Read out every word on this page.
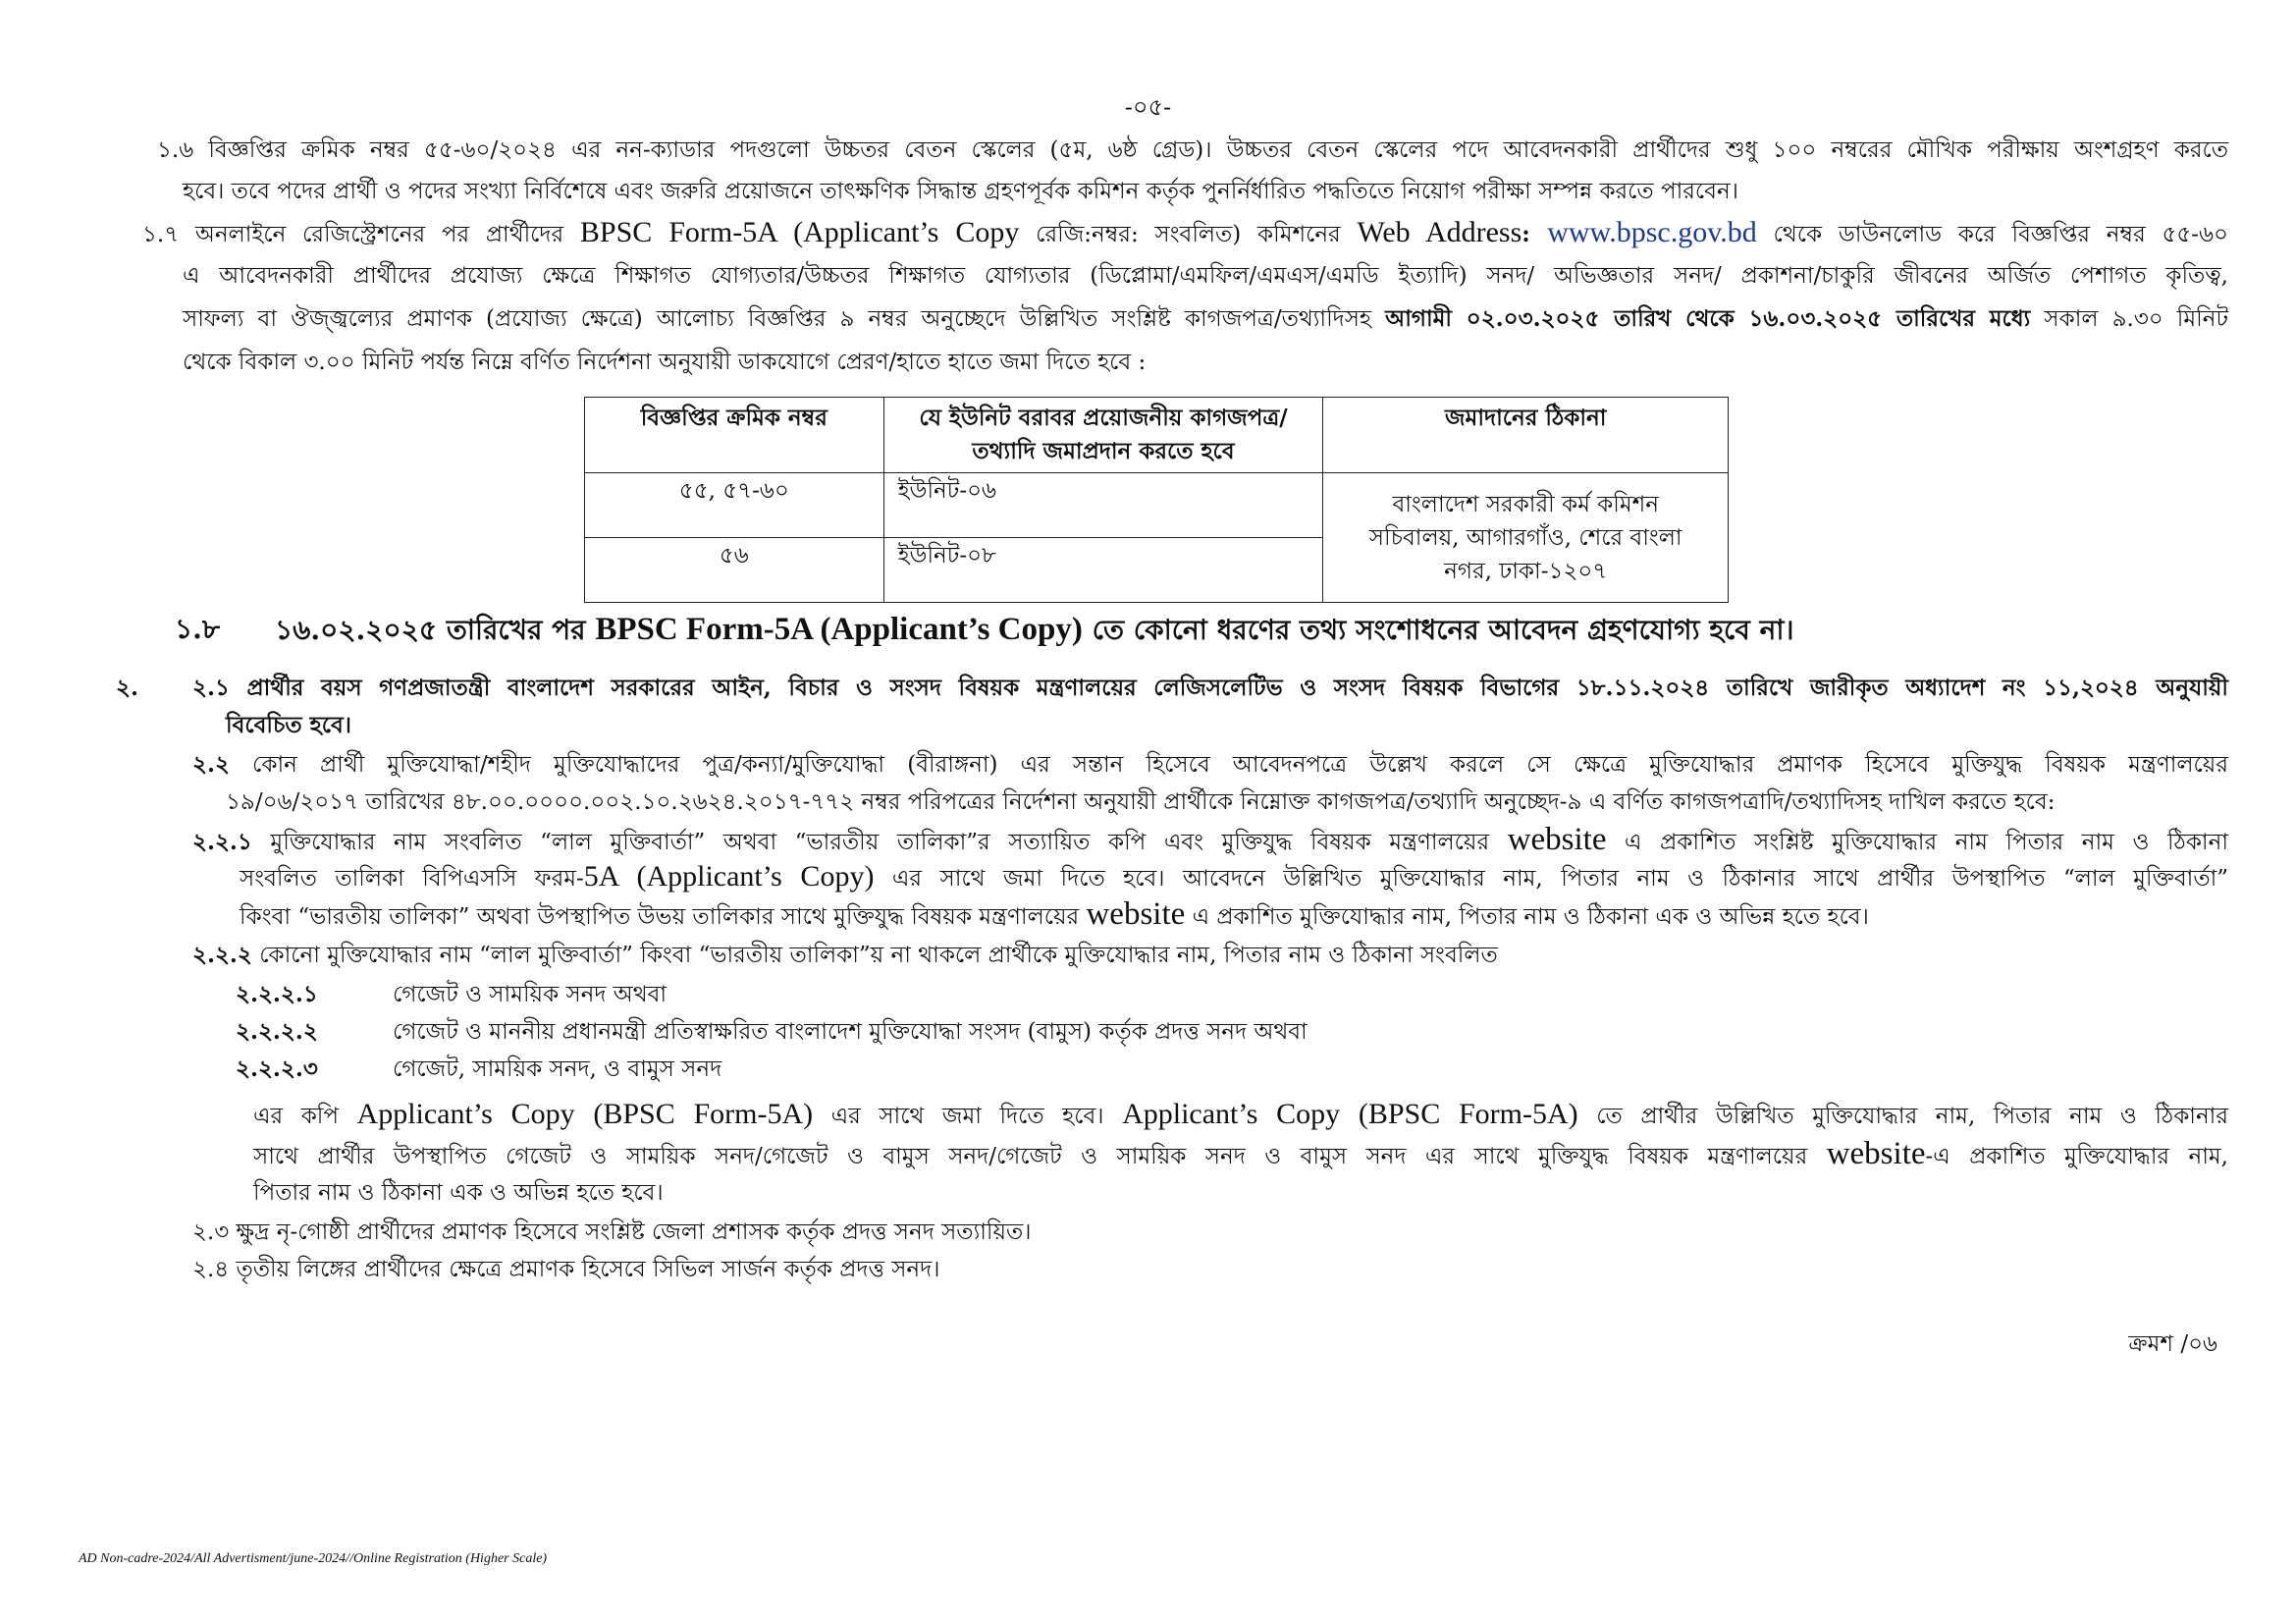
-০৫-
১.৬ বিজ্ঞপ্তির ক্রমিক নম্বর ৫৫-৬০/২০২৪ এর নন-ক্যাডার পদগুলো উচ্চতর বেতন স্কেলের (৫ম, ৬ষ্ঠ গ্রেড)। উচ্চতর বেতন স্কেলের পদে আবেদনকারী প্রার্থীদের শুধু ১০০ নম্বরের মৌখিক পরীক্ষায় অংশগ্রহণ করতে
হবে। তবে পদের প্রার্থী ও পদের সংখ্যা নির্বিশেষে এবং জরুরি প্রয়োজনে তাৎক্ষণিক সিদ্ধান্ত গ্রহণপূর্বক কমিশন কর্তৃক পুনর্নির্ধারিত পদ্ধতিতে নিয়োগ পরীক্ষা সম্পন্ন করতে পারবেন।
১.৭ অনলাইনে রেজিস্ট্রেশনের পর প্রার্থীদের BPSC Form-5A (Applicant’s Copy রেজি:নম্বর: সংবলিত) কমিশনের Web Address: www.bpsc.gov.bd থেকে ডাউনলোড করে বিজ্ঞপ্তির নম্বর ৫৫-৬০
এ আবেদনকারী প্রার্থীদের প্রযোজ্য ক্ষেত্রে শিক্ষাগত যোগ্যতার/উচ্চতর শিক্ষাগত যোগ্যতার (ডিপ্লোমা/এমফিল/এমএস/এমডি ইত্যাদি) সনদ/ অভিজ্ঞতার সনদ/ প্রকাশনা/চাকুরি জীবনের অর্জিত পেশাগত কৃতিত্ব,
সাফল্য বা ঔজ্জ্বল্যের প্রমাণক (প্রযোজ্য ক্ষেত্রে) আলোচ্য বিজ্ঞপ্তির ৯ নম্বর অনুচ্ছেদে উল্লিখিত সংশ্লিষ্ট কাগজপত্র/তথ্যাদিসহ আগামী ০২.০৩.২০২৫ তারিখ থেকে ১৬.০৩.২০২৫ তারিখের মধ্যে সকাল ৯.৩০ মিনিট
থেকে বিকাল ৩.০০ মিনিট পর্যন্ত নিম্নে বর্ণিত নির্দেশনা অনুযায়ী ডাকযোগে প্রেরণ/হাতে হাতে জমা দিতে হবে :
বিজ্ঞপ্তির ক্রমিক নম্বর	যে ইউনিট বরাবর প্রয়োজনীয় কাগজপত্র/তথ্যাদি জমাপ্রদান করতে হবে	জমাদানের ঠিকানা
৫৫, ৫৭-৬০	ইউনিট-০৬	বাংলাদেশ সরকারী কর্ম কমিশন সচিবালয়, আগারগাঁও, শেরে বাংলা নগর, ঢাকা-১২০৭
৫৬	ইউনিট-০৮	
১.৮ ১৬.০২.২০২৫ তারিখের পর BPSC Form-5A (Applicant’s Copy) তে কোনো ধরণের তথ্য সংশোধনের আবেদন গ্রহণযোগ্য হবে না।
২. ২.১ প্রার্থীর বয়স গণপ্রজাতন্ত্রী বাংলাদেশ সরকারের আইন, বিচার ও সংসদ বিষয়ক মন্ত্রণালয়ের লেজিসলেটিভ ও সংসদ বিষয়ক বিভাগের ১৮.১১.২০২৪ তারিখে জারীকৃত অধ্যাদেশ নং ১১,২০২৪ অনুযায়ী
বিবেচিত হবে।
২.২ কোন প্রার্থী মুক্তিযোদ্ধা/শহীদ মুক্তিযোদ্ধাদের পুত্র/কন্যা/মুক্তিযোদ্ধা (বীরাঙ্গনা) এর সন্তান হিসেবে আবেদনপত্রে উল্লেখ করলে সে ক্ষেত্রে মুক্তিযোদ্ধার প্রমাণক হিসেবে মুক্তিযুদ্ধ বিষয়ক মন্ত্রণালয়ের
১৯/০৬/২০১৭ তারিখের ৪৮.০০.০০০০.০০২.১০.২৬২৪.২০১৭-৭৭২ নম্বর পরিপত্রের নির্দেশনা অনুযায়ী প্রার্থীকে নিম্নোক্ত কাগজপত্র/তথ্যাদি অনুচ্ছেদ-৯ এ বর্ণিত কাগজপত্রাদি/তথ্যাদিসহ দাখিল করতে হবে:
২.২.১ মুক্তিযোদ্ধার নাম সংবলিত “লাল মুক্তিবার্তা” অথবা “ভারতীয় তালিকা”র সত্যায়িত কপি এবং মুক্তিযুদ্ধ বিষয়ক মন্ত্রণালয়ের website এ প্রকাশিত সংশ্লিষ্ট মুক্তিযোদ্ধার নাম পিতার নাম ও ঠিকানা
সংবলিত তালিকা বিপিএসসি ফরম-5A (Applicant’s Copy) এর সাথে জমা দিতে হবে। আবেদনে উল্লিখিত মুক্তিযোদ্ধার নাম, পিতার নাম ও ঠিকানার সাথে প্রার্থীর উপস্থাপিত “লাল মুক্তিবার্তা”
কিংবা “ভারতীয় তালিকা” অথবা উপস্থাপিত উভয় তালিকার সাথে মুক্তিযুদ্ধ বিষয়ক মন্ত্রণালয়ের website এ প্রকাশিত মুক্তিযোদ্ধার নাম, পিতার নাম ও ঠিকানা এক ও অভিন্ন হতে হবে।
২.২.২ কোনো মুক্তিযোদ্ধার নাম “লাল মুক্তিবার্তা” কিংবা “ভারতীয় তালিকা”য় না থাকলে প্রার্থীকে মুক্তিযোদ্ধার নাম, পিতার নাম ও ঠিকানা সংবলিত
২.২.২.১	গেজেট ও সাময়িক সনদ অথবা
২.২.২.২	গেজেট ও মাননীয় প্রধানমন্ত্রী প্রতিস্বাক্ষরিত বাংলাদেশ মুক্তিযোদ্ধা সংসদ (বামুস) কর্তৃক প্রদত্ত সনদ অথবা
২.২.২.৩	গেজেট, সাময়িক সনদ, ও বামুস সনদ
এর কপি Applicant’s Copy (BPSC Form-5A) এর সাথে জমা দিতে হবে। Applicant’s Copy (BPSC Form-5A) তে প্রার্থীর উল্লিখিত মুক্তিযোদ্ধার নাম, পিতার নাম ও ঠিকানার
সাথে প্রার্থীর উপস্থাপিত গেজেট ও সাময়িক সনদ/গেজেট ও বামুস সনদ/গেজেট ও সাময়িক সনদ ও বামুস সনদ এর সাথে মুক্তিযুদ্ধ বিষয়ক মন্ত্রণালয়ের website-এ প্রকাশিত মুক্তিযোদ্ধার নাম,
পিতার নাম ও ঠিকানা এক ও অভিন্ন হতে হবে।
২.৩ ক্ষুদ্র নৃ-গোষ্ঠী প্রার্থীদের প্রমাণক হিসেবে সংশ্লিষ্ট জেলা প্রশাসক কর্তৃক প্রদত্ত সনদ সত্যায়িত।
২.৪ তৃতীয় লিঙ্গের প্রার্থীদের ক্ষেত্রে প্রমাণক হিসেবে সিভিল সার্জন কর্তৃক প্রদত্ত সনদ।
ক্রমশ /০৬
AD Non-cadre-2024/All Advertisment/june-2024//Online Registration (Higher Scale)
